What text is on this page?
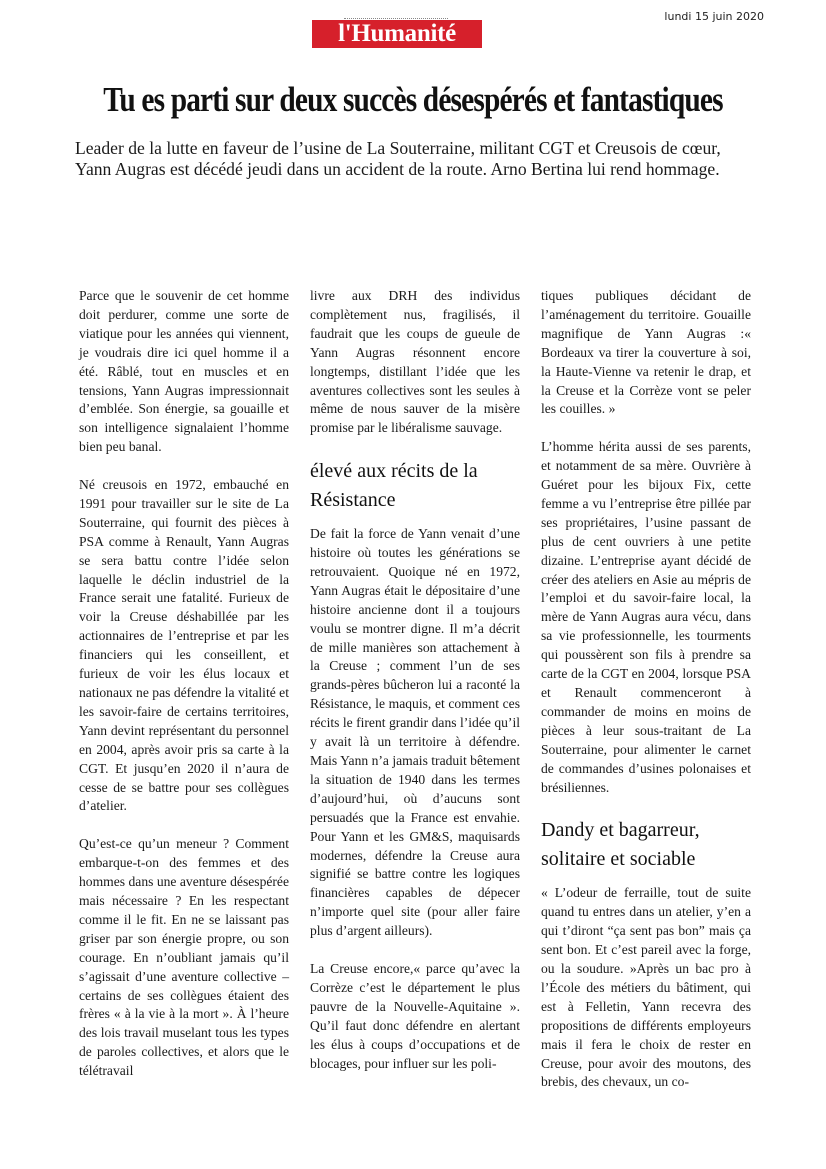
lundi 15 juin 2020
l'Humanité
Tu es parti sur deux succès désespérés et fantastiques
Leader de la lutte en faveur de l’usine de La Souterraine, militant CGT et Creusois de cœur, Yann Augras est décédé jeudi dans un accident de la route. Arno Bertina lui rend hommage.

Parce que le souvenir de cet homme doit perdurer, comme une sorte de viatique pour les années qui viennent, je voudrais dire ici quel homme il a été. Râblé, tout en muscles et en tensions, Yann Augras impressionnait d’emblée. Son énergie, sa gouaille et son intelligence signalaient l’homme bien peu banal.

Né creusois en 1972, embauché en 1991 pour travailler sur le site de La Souterraine, qui fournit des pièces à PSA comme à Renault, Yann Augras se sera battu contre l’idée selon laquelle le déclin industriel de la France serait une fatalité. Furieux de voir la Creuse déshabillée par les actionnaires de l’entreprise et par les financiers qui les conseillent, et furieux de voir les élus locaux et nationaux ne pas défendre la vitalité et les savoir-faire de certains territoires, Yann devint représentant du personnel en 2004, après avoir pris sa carte à la CGT. Et jusqu’en 2020 il n’aura de cesse de se battre pour ses collègues d’atelier.

Qu’est-ce qu’un meneur ? Comment embarque-t-on des femmes et des hommes dans une aventure désespérée mais nécessaire ? En les respectant comme il le fit. En ne se laissant pas griser par son énergie propre, ou son courage. En n’oubliant jamais qu’il s’agissait d’une aventure collective – certains de ses collègues étaient des frères « à la vie à la mort ». À l’heure des lois travail muselant tous les types de paroles collectives, et alors que le télétravail

livre aux DRH des individus complètement nus, fragilisés, il faudrait que les coups de gueule de Yann Augras résonnent encore longtemps, distillant l’idée que les aventures collectives sont les seules à même de nous sauver de la misère promise par le libéralisme sauvage.

élevé aux récits de la Résistance

De fait la force de Yann venait d’une histoire où toutes les générations se retrouvaient. Quoique né en 1972, Yann Augras était le dépositaire d’une histoire ancienne dont il a toujours voulu se montrer digne. Il m’a décrit de mille manières son attachement à la Creuse ; comment l’un de ses grands-pères bûcheron lui a raconté la Résistance, le maquis, et comment ces récits le firent grandir dans l’idée qu’il y avait là un territoire à défendre. Mais Yann n’a jamais traduit bêtement la situation de 1940 dans les termes d’aujourd’hui, où d’aucuns sont persuadés que la France est envahie. Pour Yann et les GM&S, maquisards modernes, défendre la Creuse aura signifié se battre contre les logiques financières capables de dépecer n’importe quel site (pour aller faire plus d’argent ailleurs).

La Creuse encore,« parce qu’avec la Corrèze c’est le département le plus pauvre de la Nouvelle-Aquitaine ». Qu’il faut donc défendre en alertant les élus à coups d’occupations et de blocages, pour influer sur les poli-

tiques publiques décidant de l’aménagement du territoire. Gouaille magnifique de Yann Augras :« Bordeaux va tirer la couverture à soi, la Haute-Vienne va retenir le drap, et la Creuse et la Corrèze vont se peler les couilles. »

L’homme hérita aussi de ses parents, et notamment de sa mère. Ouvrière à Guéret pour les bijoux Fix, cette femme a vu l’entreprise être pillée par ses propriétaires, l’usine passant de plus de cent ouvriers à une petite dizaine. L’entreprise ayant décidé de créer des ateliers en Asie au mépris de l’emploi et du savoir-faire local, la mère de Yann Augras aura vécu, dans sa vie professionnelle, les tourments qui poussèrent son fils à prendre sa carte de la CGT en 2004, lorsque PSA et Renault commenceront à commander de moins en moins de pièces à leur sous-traitant de La Souterraine, pour alimenter le carnet de commandes d’usines polonaises et brésiliennes.

Dandy et bagarreur, solitaire et sociable

« L’odeur de ferraille, tout de suite quand tu entres dans un atelier, y’en a qui t’diront “ça sent pas bon” mais ça sent bon. Et c’est pareil avec la forge, ou la soudure. »Après un bac pro à l’École des métiers du bâtiment, qui est à Felletin, Yann recevra des propositions de différents employeurs mais il fera le choix de rester en Creuse, pour avoir des moutons, des brebis, des chevaux, un co-
